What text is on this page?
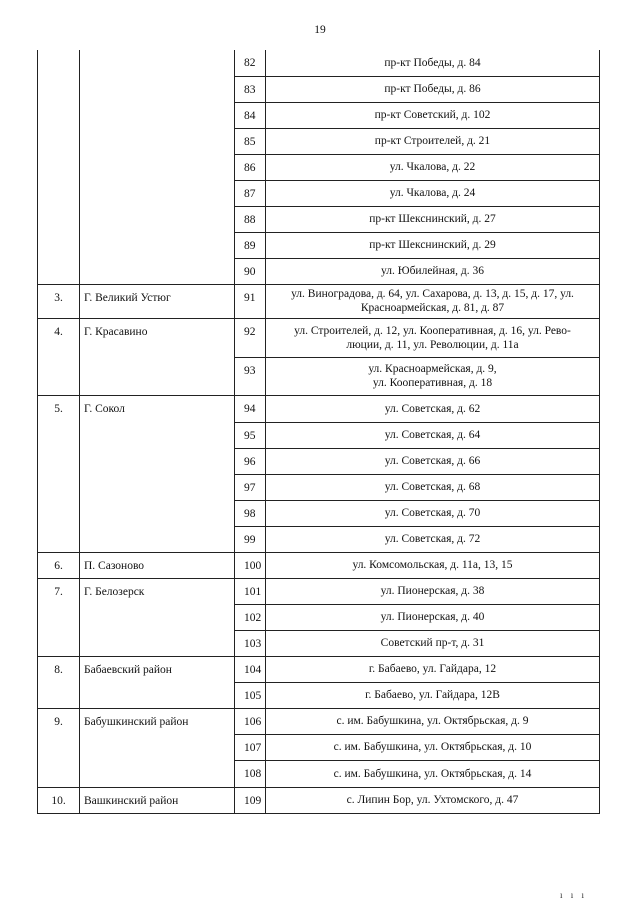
19
		82	пр-кт Победы, д. 84
		83	пр-кт Победы, д. 86
		84	пр-кт Советский, д. 102
		85	пр-кт Строителей, д. 21
		86	ул. Чкалова, д. 22
		87	ул. Чкалова, д. 24
		88	пр-кт Шекснинский, д. 27
		89	пр-кт Шекснинский, д. 29
		90	ул. Юбилейная, д. 36
3.	Г. Великий Устюг	91	ул. Виноградова, д. 64, ул. Сахарова, д. 13, д. 15, д. 17, ул.
Красноармейская, д. 81, д. 87
4.	Г. Красавино	92	ул. Строителей, д. 12, ул. Кооперативная, д. 16, ул. Рево-
люции, д. 11, ул. Революции, д. 11а
		93	ул. Красноармейская, д. 9,
ул. Кооперативная, д. 18
5.	Г. Сокол	94	ул. Советская, д. 62
		95	ул. Советская, д. 64
		96	ул. Советская, д. 66
		97	ул. Советская, д. 68
		98	ул. Советская, д. 70
		99	ул. Советская, д. 72
6.	П. Сазоново	100	ул. Комсомольская, д. 11а, 13, 15
7.	Г. Белозерск	101	ул. Пионерская, д. 38
		102	ул. Пионерская, д. 40
		103	Советский пр-т, д. 31
8.	Бабаевский район	104	г. Бабаево, ул. Гайдара, 12
		105	г. Бабаево, ул. Гайдара, 12В
9.	Бабушкинский район	106	с. им. Бабушкина, ул. Октябрьская, д. 9
		107	с. им. Бабушкина, ул. Октябрьская, д. 10
		108	с. им. Бабушкина, ул. Октябрьская, д. 14
10.	Вашкинский район	109	с. Липин Бор, ул. Ухтомского, д. 47
ı ı ı
